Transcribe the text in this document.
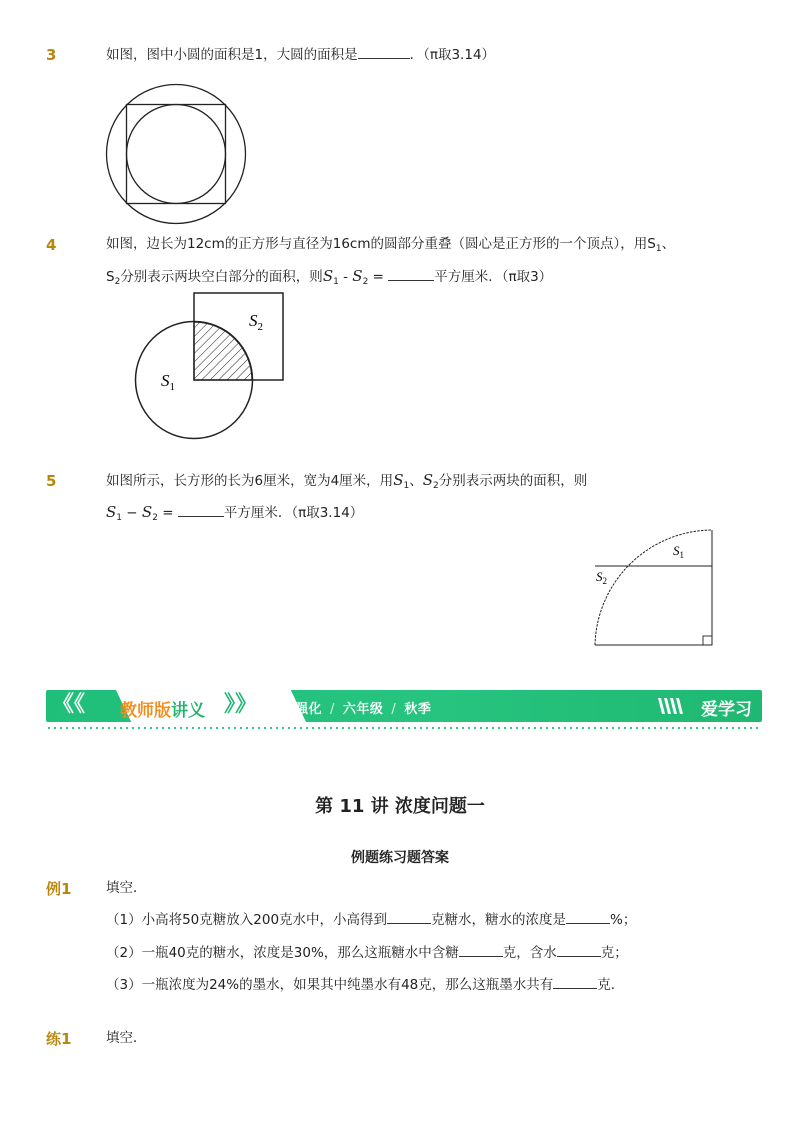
3	如图，图中小圆的面积是1，大圆的面积是	．（π取3.14）
4	如图，边长为12cm的正方形与直径为16cm的圆部分重叠（圆心是正方形的一个顶点），用$S_1$、
$S_2$分别表示两块空白部分的面积，则$S_1 - S_2$ =	平方厘米．（π取3）
$S_2$
$S_1$
5	如图所示，长方形的长为6厘米，宽为4厘米，用$S_1$、$S_2$分别表示两块的面积，则
$S_1 - S_2$ =	平方厘米．（π取3.14）
$S_1$
$S_2$
《《 教师版讲义 》》 能力强化 / 六年级 / 秋季	爱学习
第 11 讲 浓度问题一
例题练习题答案
例1	填空．
（1）小高将50克糖放入200克水中，小高得到	克糖水，糖水的浓度是	%；
（2）一瓶40克的糖水，浓度是30%，那么这瓶糖水中含糖	克，含水	克；
（3）一瓶浓度为24%的墨水，如果其中纯墨水有48克，那么这瓶墨水共有	克．
练1	填空．
